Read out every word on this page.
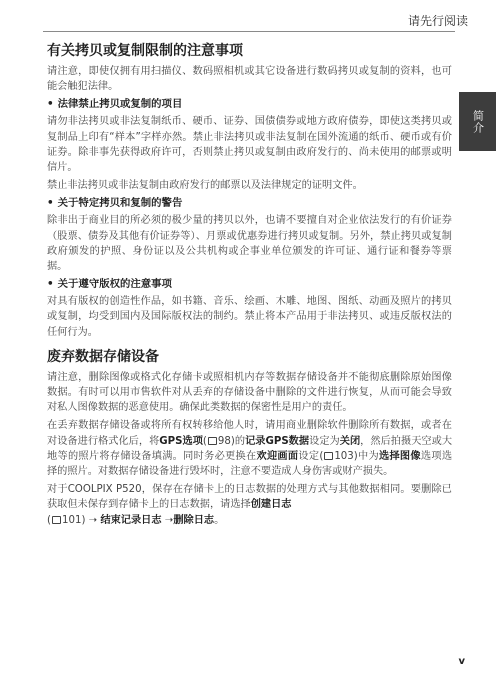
请先行阅读
简介
有关拷贝或复制限制的注意事项

请注意，即使仅拥有用扫描仪、数码照相机或其它设备进行数码拷贝或复制的资料，也可能会触犯法律。

• 法律禁止拷贝或复制的项目

请勿非法拷贝或非法复制纸币、硬币、证券、国债债券或地方政府债券，即使这类拷贝或复制品上印有“样本”字样亦然。禁止非法拷贝或非法复制在国外流通的纸币、硬币或有价证券。除非事先获得政府许可，否则禁止拷贝或复制由政府发行的、尚未使用的邮票或明信片。

禁止非法拷贝或非法复制由政府发行的邮票以及法律规定的证明文件。

• 关于特定拷贝和复制的警告

除非出于商业目的所必须的极少量的拷贝以外，也请不要擅自对企业依法发行的有价证券（股票、债券及其他有价证券等）、月票或优惠券进行拷贝或复制。另外，禁止拷贝或复制政府颁发的护照、身份证以及公共机构或企事业单位颁发的许可证、通行证和餐券等票据。

• 关于遵守版权的注意事项

对具有版权的创造性作品，如书籍、音乐、绘画、木雕、地图、图纸、动画及照片的拷贝或复制，均受到国内及国际版权法的制约。禁止将本产品用于非法拷贝、或违反版权法的任何行为。

废弃数据存储设备

请注意，删除图像或格式化存储卡或照相机内存等数据存储设备并不能彻底删除原始图像数据。有时可以用市售软件对从丢弃的存储设备中删除的文件进行恢复，从而可能会导致对私人图像数据的恶意使用。确保此类数据的保密性是用户的责任。

在丢弃数据存储设备或将所有权转移给他人时，请用商业删除软件删除所有数据，或者在对设备进行格式化后，将GPS选项( 98)的记录GPS数据设定为关闭，然后拍摄天空或大地等的照片将存储设备填满。同时务必更换在欢迎画面设定( 103)中为选择图像选项选择的照片。对数据存储设备进行毁坏时，注意不要造成人身伤害或财产损失。

对于COOLPIX P520，保存在存储卡上的日志数据的处理方式与其他数据相同。要删除已获取但未保存到存储卡上的日志数据，请选择创建日志
( 101) ➝ 结束记录日志 ➝删除日志。

v
